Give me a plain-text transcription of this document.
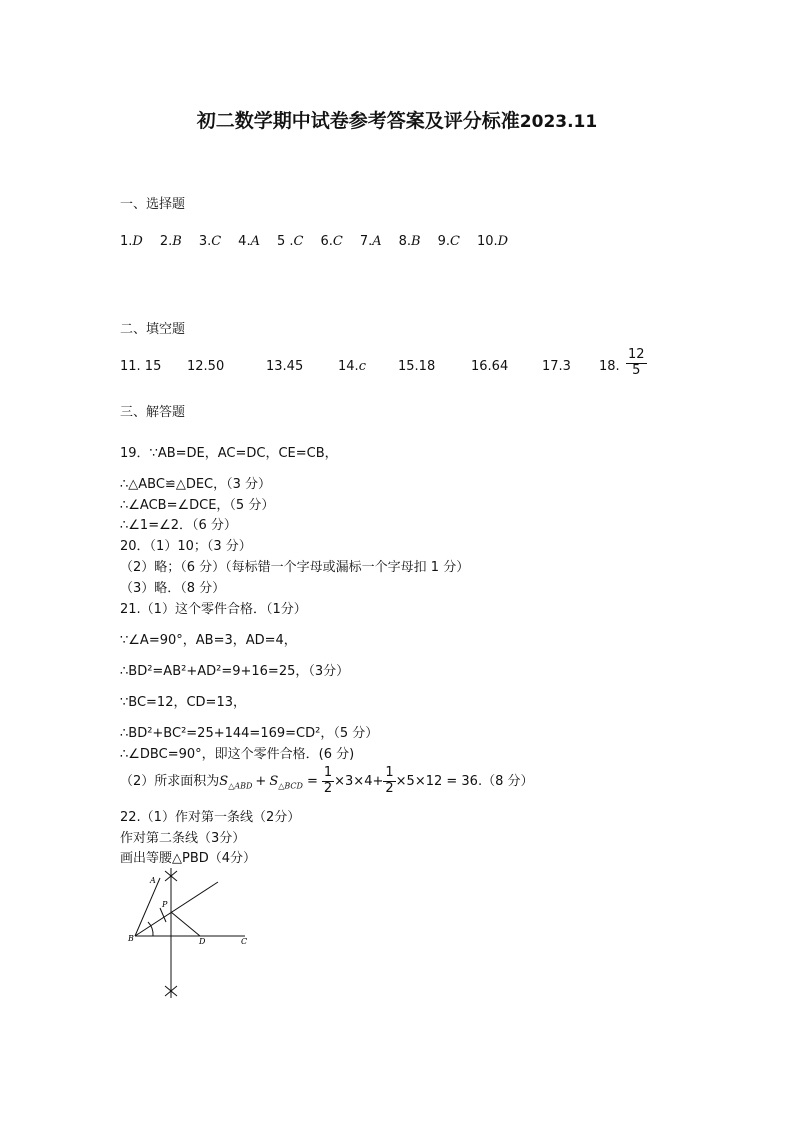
初二数学期中试卷参考答案及评分标准2023.11
一、选择题
1.D 2.B 3.C 4.A 5 .C 6.C 7.A 8.B 9.C 10.D
二、填空题
11. 15 12.50	13.45	14.c 15.18	16.64	17.3 18. $\frac{12}{5}$
三、解答题
19．∵AB=DE，AC=DC，CE=CB，
∴△ABC≌△DEC，（3 分）
∴∠ACB=∠DCE，（5 分）
∴∠1=∠2．（6 分）
20．（1）10；（3 分）
（2）略；（6 分）（每标错一个字母或漏标一个字母扣 1 分）
（3）略．（8 分）
21.（1）这个零件合格．（1分）
∵∠A=90°，AB=3，AD=4，
∴BD²=AB²+AD²=9+16=25，（3分）
∵BC=12，CD=13，
∴BD²+BC²=25+144=169=CD²，（5 分）
∴∠DBC=90°，即这个零件合格．(6 分)
（2）所求面积为$S_{\triangle ABD} + S_{\triangle BCD} = \frac{1}{2} \times 3\times 4+ \frac{1}{2} \times 5\times 12 = 36.(8$ 分）
22.（1）作对第一条线（2分）
作对第二条线（3分）
画出等腰△PBD（4分）
A
P
B	D	C
